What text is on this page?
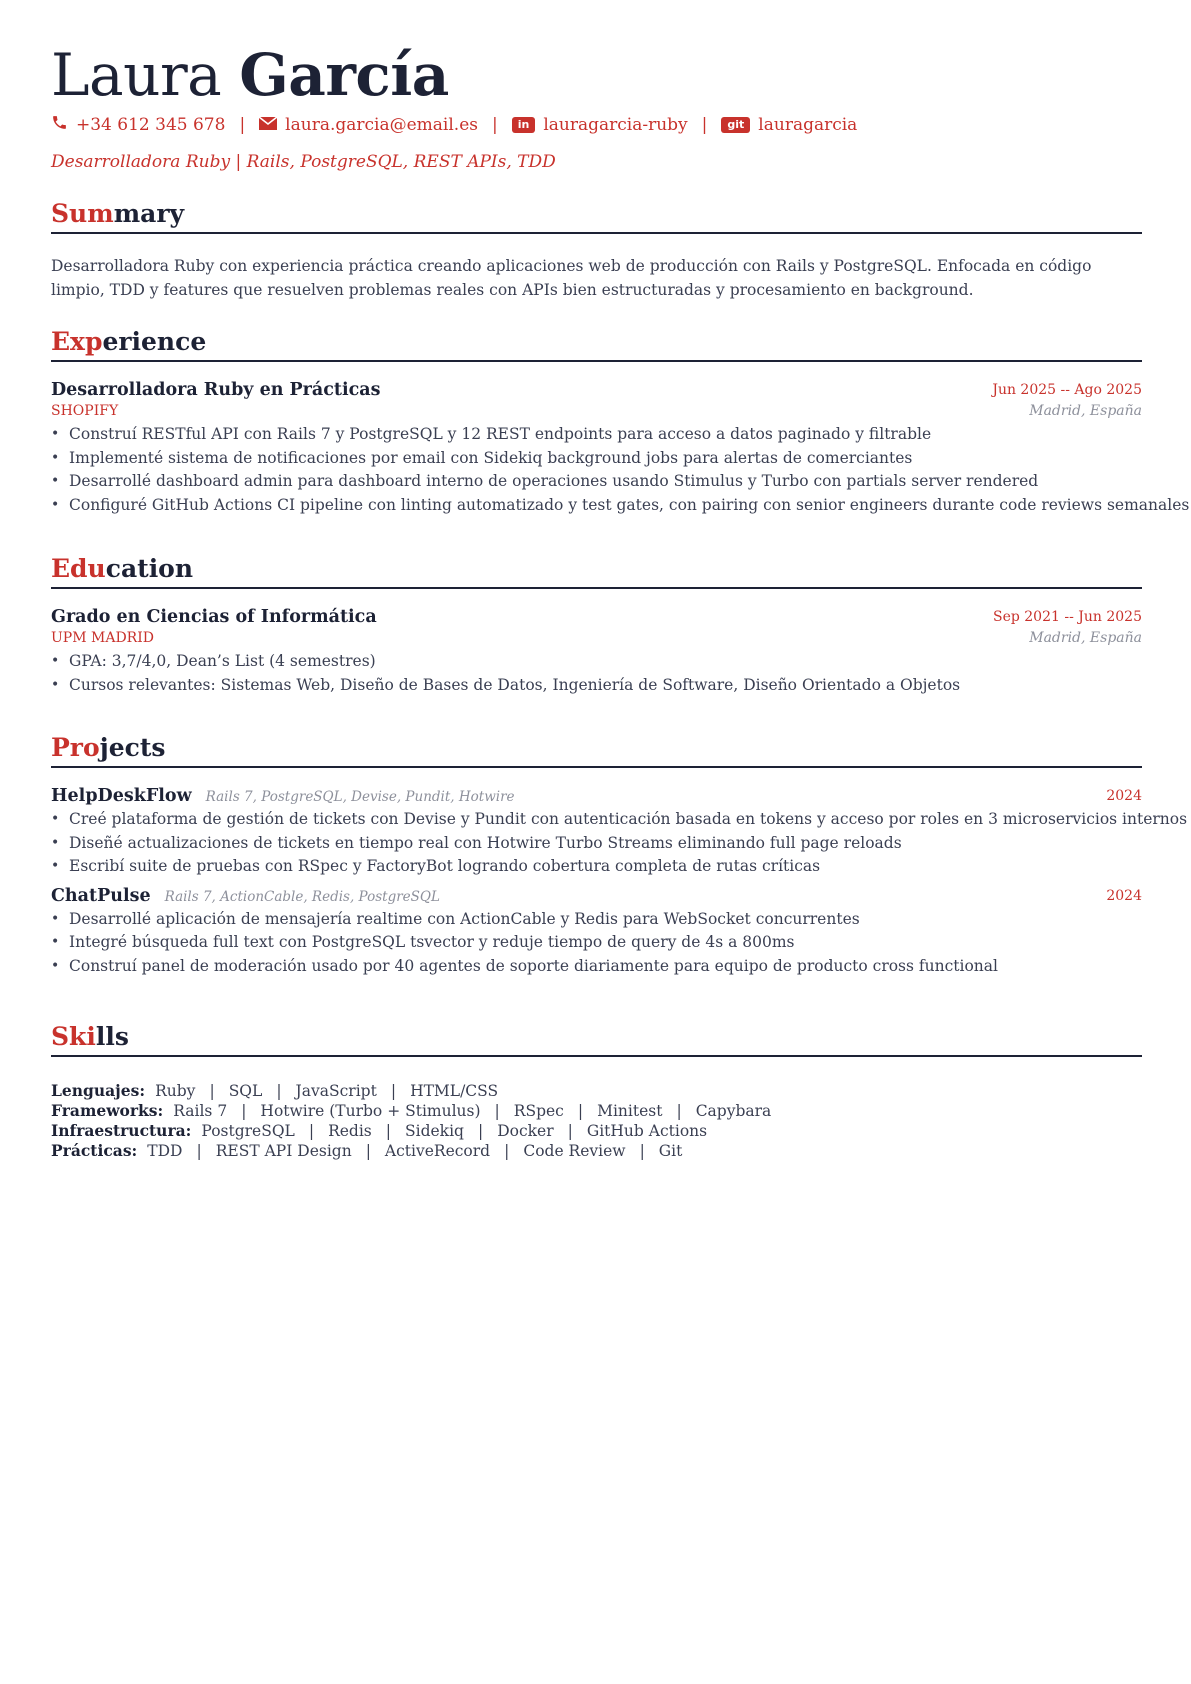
Laura García
+34 612 345 678 | laura.garcia@email.es |	in lauragarcia-ruby |	git lauragarcia
Desarrolladora Ruby | Rails, PostgreSQL, REST APIs, TDD
Summary
Desarrolladora Ruby con experiencia práctica creando aplicaciones web de producción con Rails y PostgreSQL. Enfocada en código limpio, TDD y features que resuelven problemas reales con APIs bien estructuradas y procesamiento en background.
Experience
Desarrolladora Ruby en Prácticas
SHOPIFY
Jun 2025 -- Ago 2025
Madrid, España
• Construí RESTful API con Rails 7 y PostgreSQL y 12 REST endpoints para acceso a datos paginado y filtrable
• Implementé sistema de notificaciones por email con Sidekiq background jobs para alertas de comerciantes
• Desarrollé dashboard admin para dashboard interno de operaciones usando Stimulus y Turbo con partials server rendered
• Configuré GitHub Actions CI pipeline con linting automatizado y test gates, con pairing con senior engineers durante code reviews semanales
Education
Grado en Ciencias of Informática
UPM MADRID
Sep 2021 -- Jun 2025
Madrid, España
• GPA: 3,7/4,0, Dean’s List (4 semestres)
• Cursos relevantes: Sistemas Web, Diseño de Bases de Datos, Ingeniería de Software, Diseño Orientado a Objetos
Projects
HelpDeskFlow Rails 7, PostgreSQL, Devise, Pundit, Hotwire	2024
• Creé plataforma de gestión de tickets con Devise y Pundit con autenticación basada en tokens y acceso por roles en 3 microservicios internos
• Diseñé actualizaciones de tickets en tiempo real con Hotwire Turbo Streams eliminando full page reloads
• Escribí suite de pruebas con RSpec y FactoryBot logrando cobertura completa de rutas críticas
ChatPulse Rails 7, ActionCable, Redis, PostgreSQL	2024
• Desarrollé aplicación de mensajería realtime con ActionCable y Redis para WebSocket concurrentes
• Integré búsqueda full text con PostgreSQL tsvector y reduje tiempo de query de 4s a 800ms
• Construí panel de moderación usado por 40 agentes de soporte diariamente para equipo de producto cross functional
Skills
Lenguajes: Ruby | SQL | JavaScript | HTML/CSS
Frameworks: Rails 7 | Hotwire (Turbo + Stimulus) | RSpec | Minitest | Capybara
Infraestructura: PostgreSQL | Redis | Sidekiq | Docker | GitHub Actions
Prácticas: TDD | REST API Design | ActiveRecord | Code Review | Git
